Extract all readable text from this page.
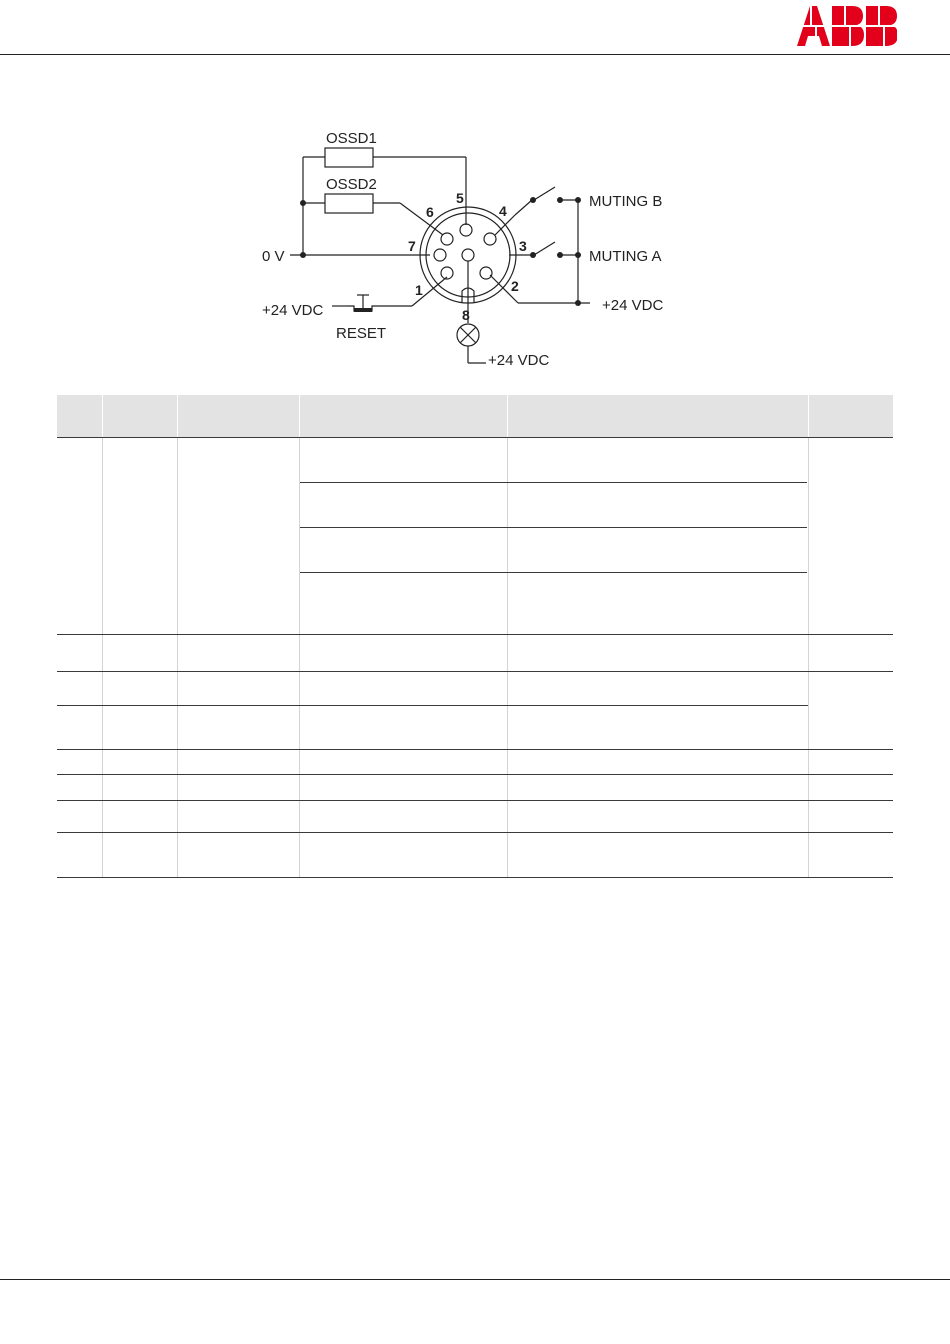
OSSD1
OSSD2
0 V
+24 VDC
RESET
MUTING B
MUTING A
+24 VDC
+24 VDC
1	2
3
4
5
6
7
8
